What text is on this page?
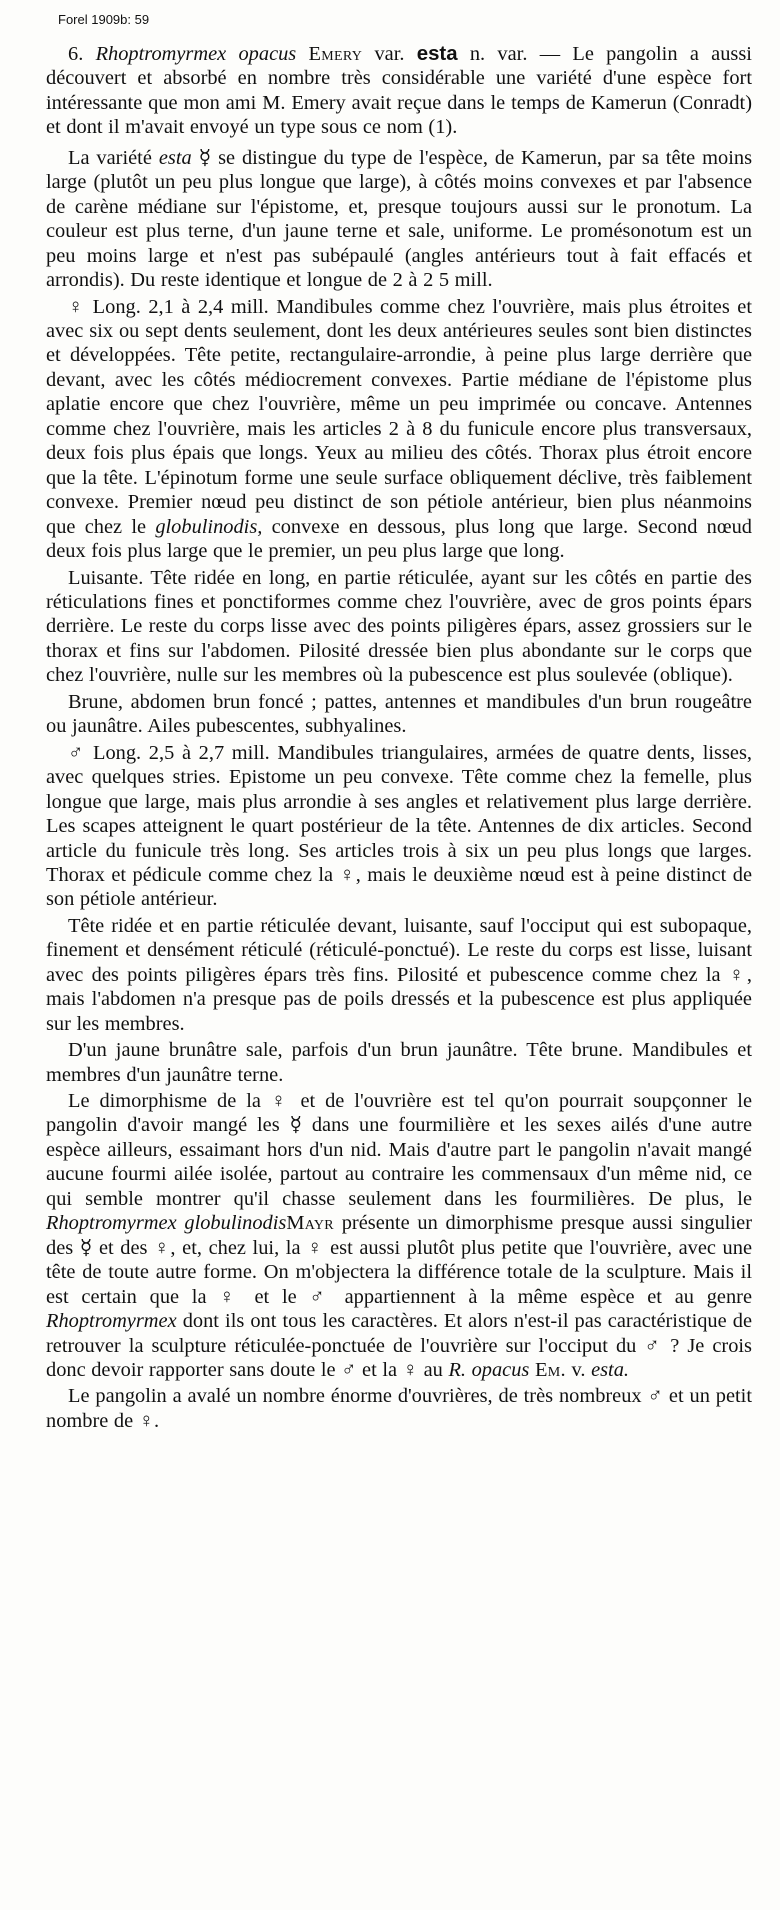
Forel 1909b: 59

6. Rhoptromyrmex opacus Emery var. esta n. var. — Le pangolin a aussi découvert et absorbé en nombre très considérable une variété d'une espèce fort intéressante que mon ami M. Emery avait reçue dans le temps de Kamerun (Conradt) et dont il m'avait envoyé un type sous ce nom (1).

La variété esta ☿ se distingue du type de l'espèce, de Kamerun, par sa tête moins large (plutôt un peu plus longue que large), à côtés moins convexes et par l'absence de carène médiane sur l'épistome, et, presque toujours aussi sur le pronotum. La couleur est plus terne, d'un jaune terne et sale, uniforme. Le promésonotum est un peu moins large et n'est pas subépaulé (angles antérieurs tout à fait effacés et arrondis). Du reste identique et longue de 2 à 2 5 mill.

♀ Long. 2,1 à 2,4 mill. Mandibules comme chez l'ouvrière, mais plus étroites et avec six ou sept dents seulement, dont les deux antérieures seules sont bien distinctes et développées. Tête petite, rectangulaire-arrondie, à peine plus large derrière que devant, avec les côtés médiocrement convexes. Partie médiane de l'épistome plus aplatie encore que chez l'ouvrière, même un peu imprimée ou concave. Antennes comme chez l'ouvrière, mais les articles 2 à 8 du funicule encore plus transversaux, deux fois plus épais que longs. Yeux au milieu des côtés. Thorax plus étroit encore que la tête. L'épinotum forme une seule surface obliquement déclive, très faiblement convexe. Premier nœud peu distinct de son pétiole antérieur, bien plus néanmoins que chez le globulinodis, convexe en dessous, plus long que large. Second nœud deux fois plus large que le premier, un peu plus large que long.

Luisante. Tête ridée en long, en partie réticulée, ayant sur les côtés en partie des réticulations fines et ponctiformes comme chez l'ouvrière, avec de gros points épars derrière. Le reste du corps lisse avec des points piligères épars, assez grossiers sur le thorax et fins sur l'abdomen. Pilosité dressée bien plus abondante sur le corps que chez l'ouvrière, nulle sur les membres où la pubescence est plus soulevée (oblique).

Brune, abdomen brun foncé ; pattes, antennes et mandibules d'un brun rougeâtre ou jaunâtre. Ailes pubescentes, subhyalines.

♂ Long. 2,5 à 2,7 mill. Mandibules triangulaires, armées de quatre dents, lisses, avec quelques stries. Epistome un peu convexe. Tête comme chez la femelle, plus longue que large, mais plus arrondie à ses angles et relativement plus large derrière. Les scapes atteignent le quart postérieur de la tête. Antennes de dix articles. Second article du funicule très long. Ses articles trois à six un peu plus longs que larges. Thorax et pédicule comme chez la ♀, mais le deuxième nœud est à peine distinct de son pétiole antérieur.

Tête ridée et en partie réticulée devant, luisante, sauf l'occiput qui est subopaque, finement et densément réticulé (réticulé-ponctué). Le reste du corps est lisse, luisant avec des points piligères épars très fins. Pilosité et pubescence comme chez la ♀, mais l'abdomen n'a presque pas de poils dressés et la pubescence est plus appliquée sur les membres.

D'un jaune brunâtre sale, parfois d'un brun jaunâtre. Tête brune. Mandibules et membres d'un jaunâtre terne.

Le dimorphisme de la ♀ et de l'ouvrière est tel qu'on pourrait soupçonner le pangolin d'avoir mangé les ☿ dans une fourmilière et les sexes ailés d'une autre espèce ailleurs, essaimant hors d'un nid. Mais d'autre part le pangolin n'avait mangé aucune fourmi ailée isolée, partout au contraire les commensaux d'un même nid, ce qui semble montrer qu'il chasse seulement dans les fourmilières. De plus, le Rhoptromyrmex globulinodisMayr présente un dimorphisme presque aussi singulier des ☿ et des ♀, et, chez lui, la ♀ est aussi plutôt plus petite que l'ouvrière, avec une tête de toute autre forme. On m'objectera la différence totale de la sculpture. Mais il est certain que la ♀ et le ♂ appartiennent à la même espèce et au genre Rhoptromyrmex dont ils ont tous les caractères. Et alors n'est-il pas caractéristique de retrouver la sculpture réticulée-ponctuée de l'ouvrière sur l'occiput du ♂ ? Je crois donc devoir rapporter sans doute le ♂ et la ♀ au R. opacus Em. v. esta.

Le pangolin a avalé un nombre énorme d'ouvrières, de très nombreux ♂ et un petit nombre de ♀.
